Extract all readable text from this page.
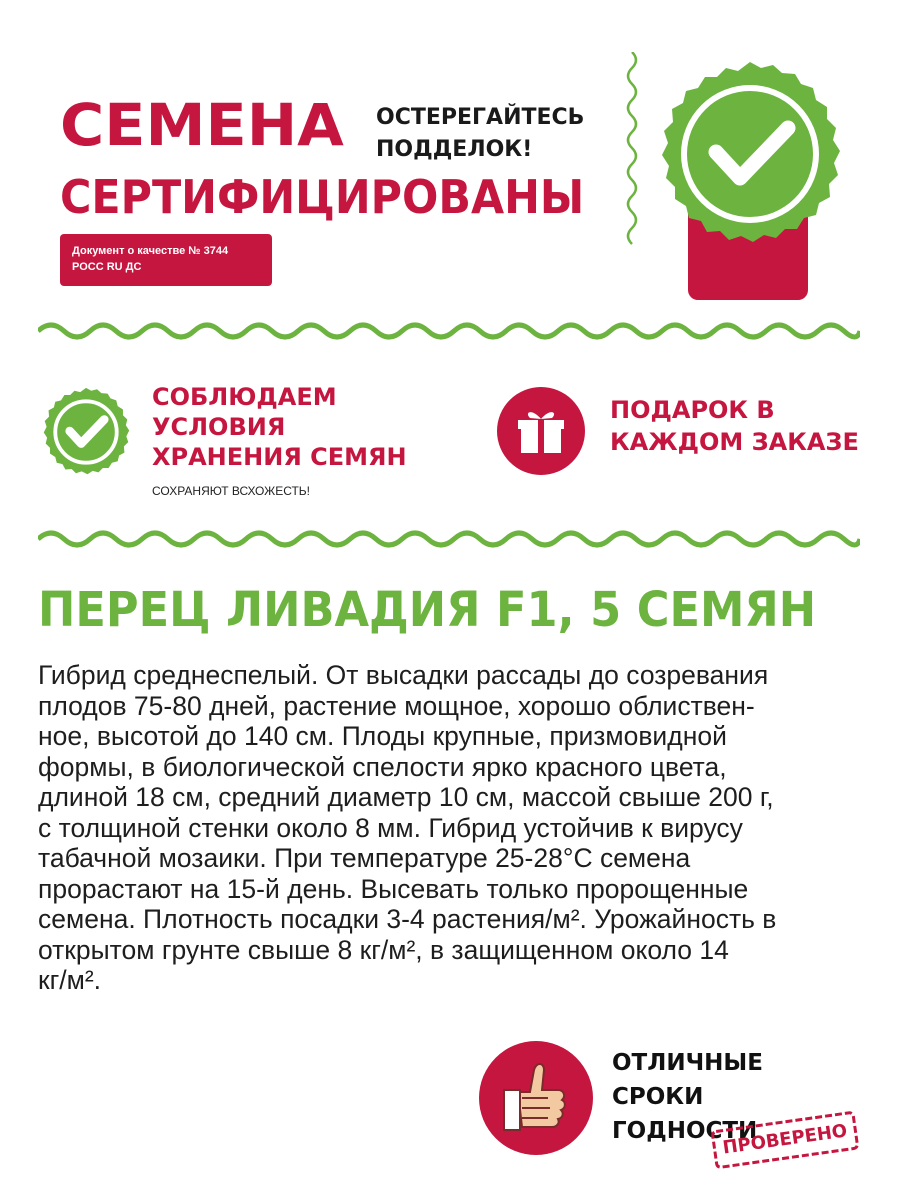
СЕМЕНА
СЕРТИФИЦИРОВАНЫ
ОСТЕРЕГАЙТЕСЬ
ПОДДЕЛОК!
Документ о качестве № 3744
РОСС RU ДС
СОБЛЮДАЕМ
УСЛОВИЯ
ХРАНЕНИЯ СЕМЯН
СОХРАНЯЮТ ВСХОЖЕСТЬ!
ПОДАРОК В
КАЖДОМ ЗАКАЗЕ
ПЕРЕЦ ЛИВАДИЯ F1, 5 СЕМЯН
Гибрид среднеспелый. От высадки рассады до созревания
плодов 75-80 дней, растение мощное, хорошо облиствен-
ное, высотой до 140 см. Плоды крупные, призмовидной
формы, в биологической спелости ярко красного цвета,
длиной 18 см, средний диаметр 10 см, массой свыше 200 г,
с толщиной стенки около 8 мм. Гибрид устойчив к вирусу
табачной мозаики. При температуре 25-28°С семена
прорастают на 15-й день. Высевать только пророщенные
семена. Плотность посадки 3-4 растения/м². Урожайность в
открытом грунте свыше 8 кг/м², в защищенном около 14
кг/м².
ОТЛИЧНЫЕ
СРОКИ
ГОДНОСТИ
ПРОВЕРЕНО
